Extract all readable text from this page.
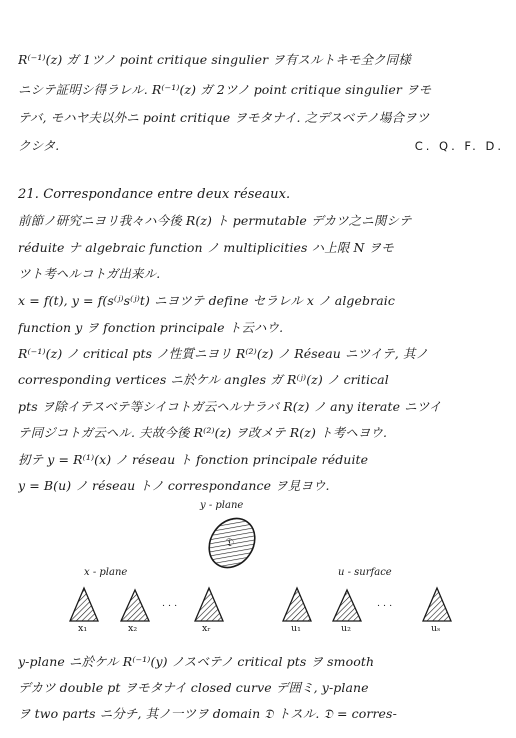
R⁽⁻¹⁾(z) ガ 1ツノ point critique singulier ヲ有スルトキモ全ク同様
ニシテ証明シ得ラレル. R⁽⁻¹⁾(z) ガ 2ツノ point critique singulier ヲモ
テバ, モハヤ夫以外ニ point critique ヲモタナイ. 之デスベテノ場合ヲツ
クシタ.	C. Q. F. D.
21. Correspondance entre deux réseaux.
前節ノ研究ニヨリ我々ハ今後 R(z) ト permutable デカツ之ニ関シテ
réduite ナ algebraic function ノ multiplicities ハ上限 N ヲモ
ツト考ヘルコトガ出来ル.
x = f(t), y = f(s⁽ʲ⁾s⁽ʲ⁾t) ニヨツテ define セラレル x ノ algebraic
function y ヲ fonction principale ト云ハウ.
R⁽⁻¹⁾(z) ノ critical pts ノ性質ニヨリ R⁽²⁾(z) ノ Réseau ニツイテ, 其ノ
corresponding vertices ニ於ケル angles ガ R⁽ʲ⁾(z) ノ critical
pts ヲ除イテスベテ等シイコトガ云ヘルナラバ R(z) ノ any iterate ニツイ
テ同ジコトガ云ヘル. 夫故今後 R⁽²⁾(z) ヲ改メテ R(z) ト考ヘヨウ.
扨テ y = R⁽¹⁾(x) ノ réseau ト fonction principale réduite
y = B(u) ノ réseau トノ correspondance ヲ見ヨウ.
y - plane
𝔇
x - plane	u - surface
. . .	. . .
x₁	x₂	xᵣ	u₁	u₂	uₛ
y-plane ニ於ケル R⁽⁻¹⁾(y) ノスベテノ critical pts ヲ smooth
デカツ double pt ヲモタナイ closed curve デ囲ミ, y-plane
ヲ two parts ニ分チ, 其ノ一ツヲ domain 𝔇 トスル. 𝔇 = corres-
